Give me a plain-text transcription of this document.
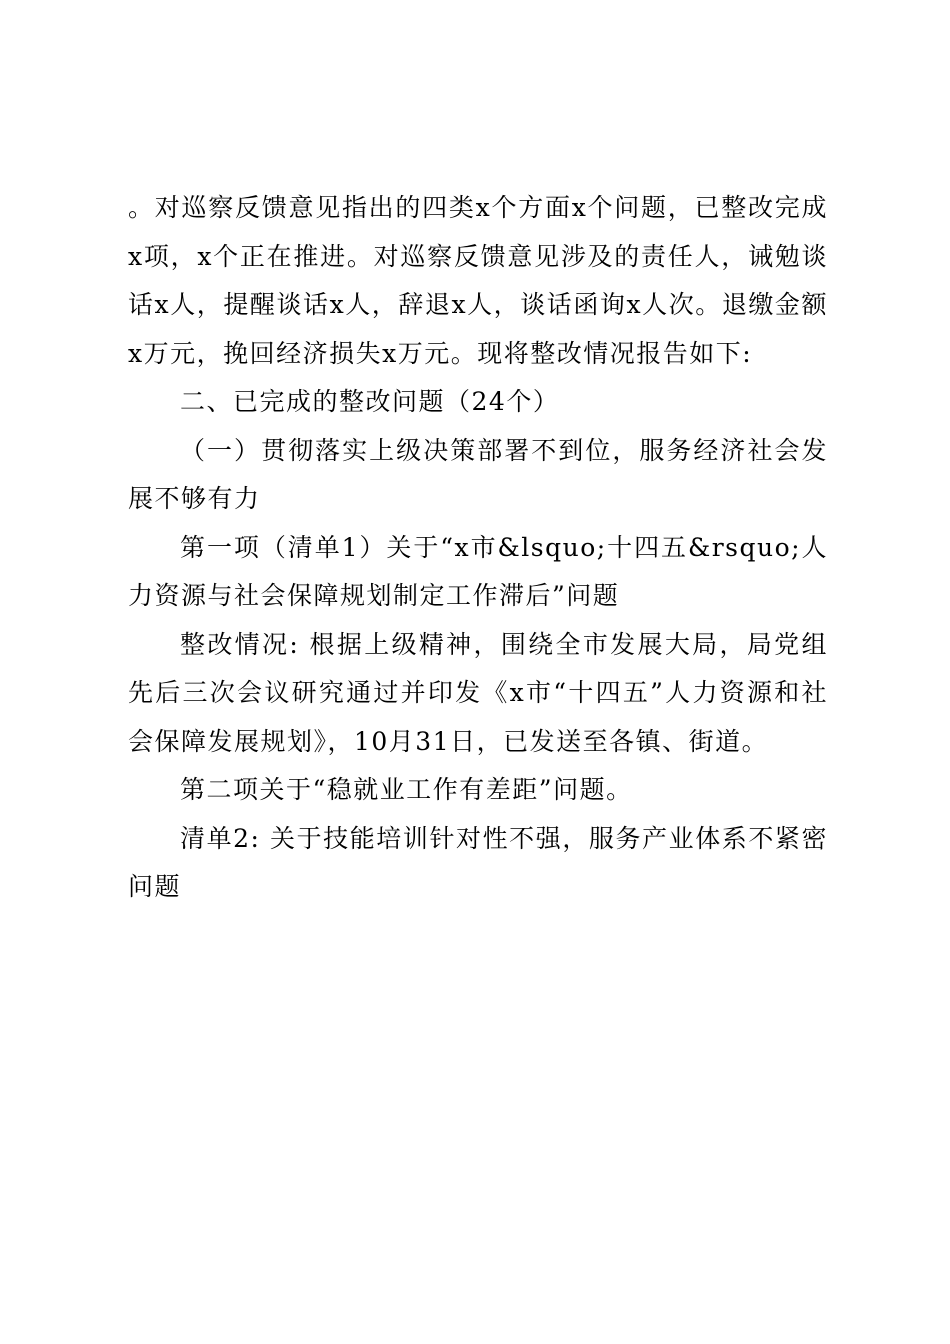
。对巡察反馈意见指出的四类x个方面x个问题，已整改完成x项，x个正在推进。对巡察反馈意见涉及的责任人，诫勉谈话x人，提醒谈话x人，辞退x人，谈话函询x人次。退缴金额x万元，挽回经济损失x万元。现将整改情况报告如下:

二、已完成的整改问题（24个）

（一）贯彻落实上级决策部署不到位，服务经济社会发展不够有力

第一项（清单1）关于“x市&lsquo;十四五&rsquo;人力资源与社会保障规划制定工作滞后”问题

整改情况: 根据上级精神，围绕全市发展大局，局党组先后三次会议研究通过并印发《x市“十四五”人力资源和社会保障发展规划》，10月31日，已发送至各镇、街道。

第二项关于“稳就业工作有差距”问题。

清单2: 关于技能培训针对性不强，服务产业体系不紧密问题
